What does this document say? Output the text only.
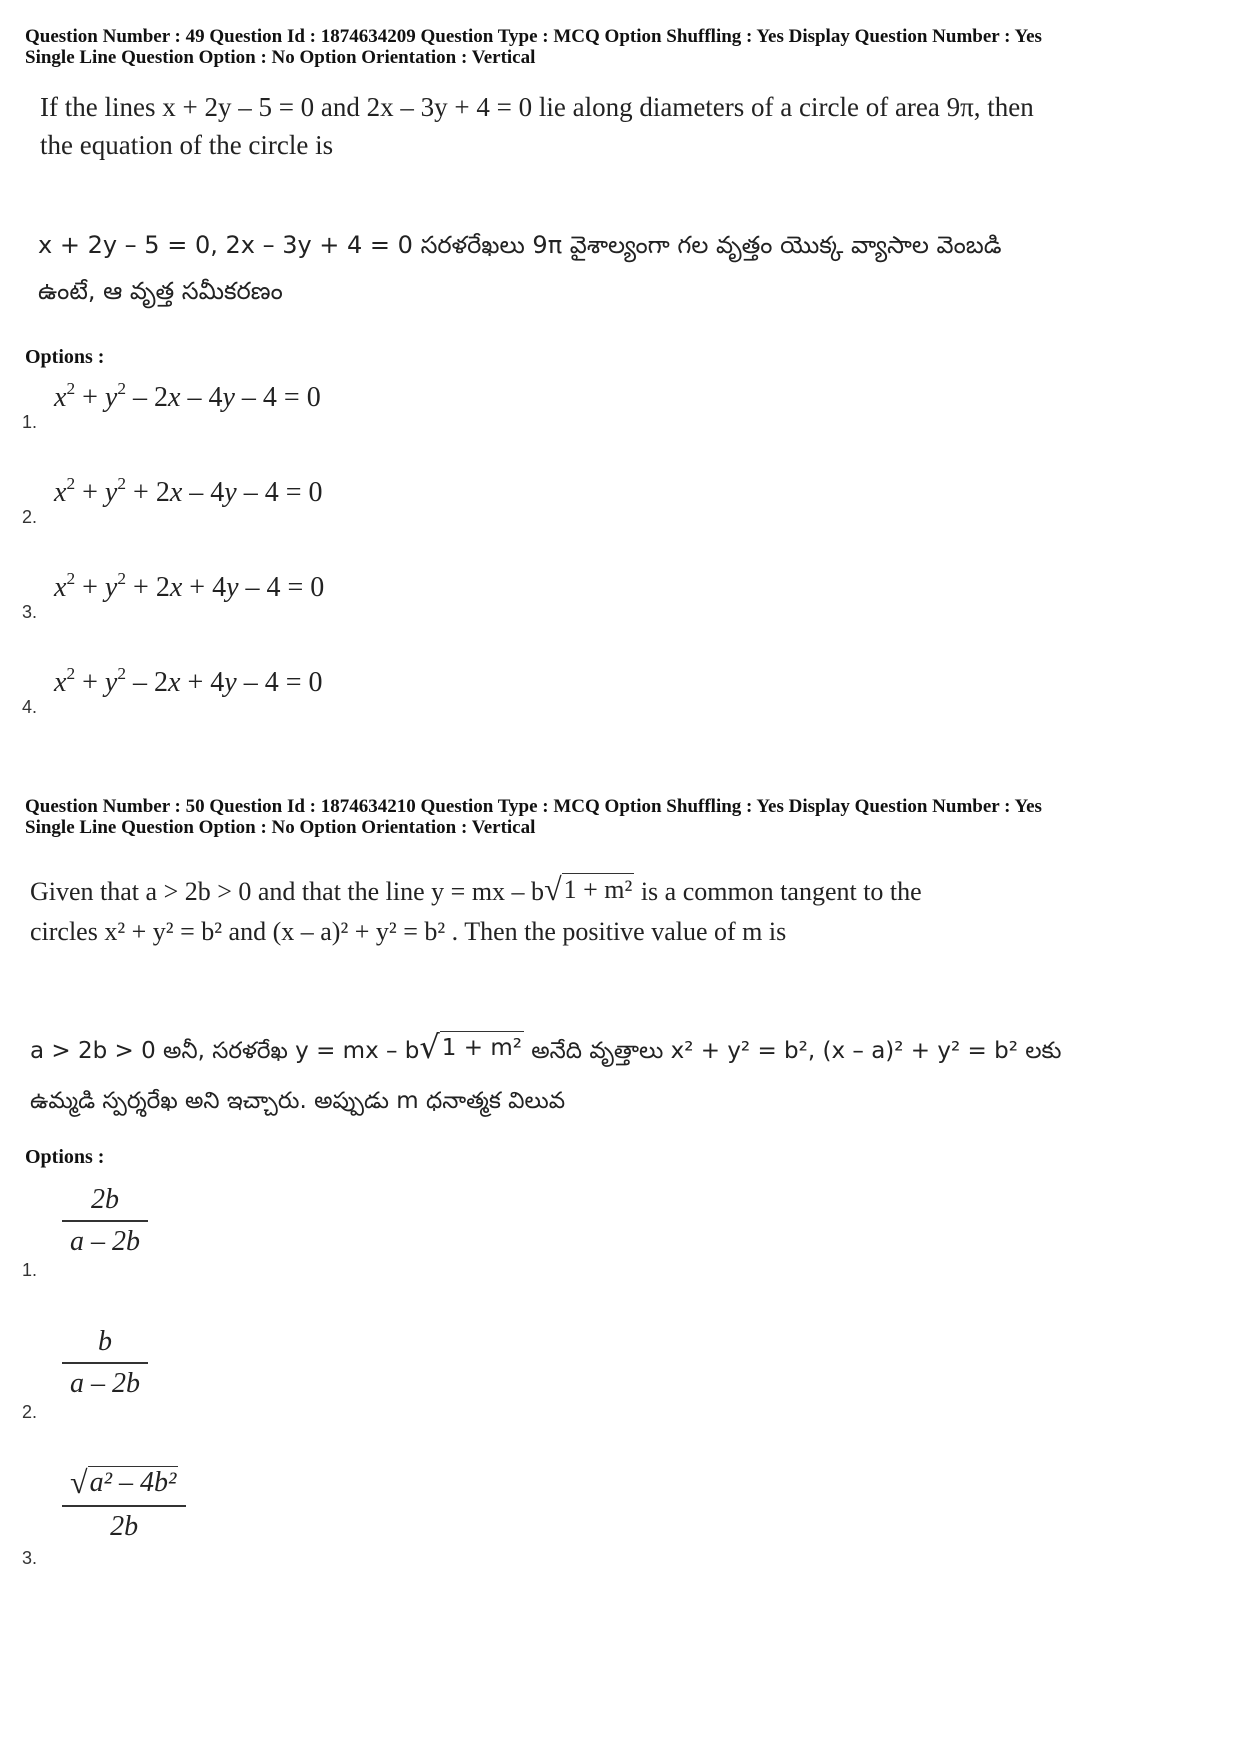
Question Number : 49 Question Id : 1874634209 Question Type : MCQ Option Shuffling : Yes Display Question Number : Yes
Single Line Question Option : No Option Orientation : Vertical
If the lines x + 2y – 5 = 0 and 2x – 3y + 4 = 0 lie along diameters of a circle of area 9π, then
the equation of the circle is
x + 2y – 5 = 0, 2x – 3y + 4 = 0 సరళరేఖలు 9π వైశాల్యంగా గల వృత్తం యొక్క వ్యాసాల వెంబడి
ఉంటే, ఆ వృత్త సమీకరణం
Options :
1.
$x^2 + y^2 - 2x - 4y - 4 = 0$
2.
$x^2 + y^2 + 2x - 4y - 4 = 0$
3.
$x^2 + y^2 + 2x + 4y - 4 = 0$
4.
$x^2 + y^2 - 2x + 4y - 4 = 0$
Question Number : 50 Question Id : 1874634210 Question Type : MCQ Option Shuffling : Yes Display Question Number : Yes
Single Line Question Option : No Option Orientation : Vertical
Given that a > 2b > 0 and that the line y = mx – b √ 1 + m² is a common tangent to the
circles x² + y² = b² and (x – a)² + y² = b² . Then the positive value of m is
a > 2b > 0 అనీ, సరళరేఖ y = mx – b √ 1 + m² అనేది వృత్తాలు x² + y² = b², (x – a)² + y² = b² లకు
ఉమ్మడి స్పర్శరేఖ అని ఇచ్చారు. అప్పుడు m ధనాత్మక విలువ
Options :
1.
2b
a – 2b
2.
b
a – 2b
3.
√ a² – 4b²
2b
